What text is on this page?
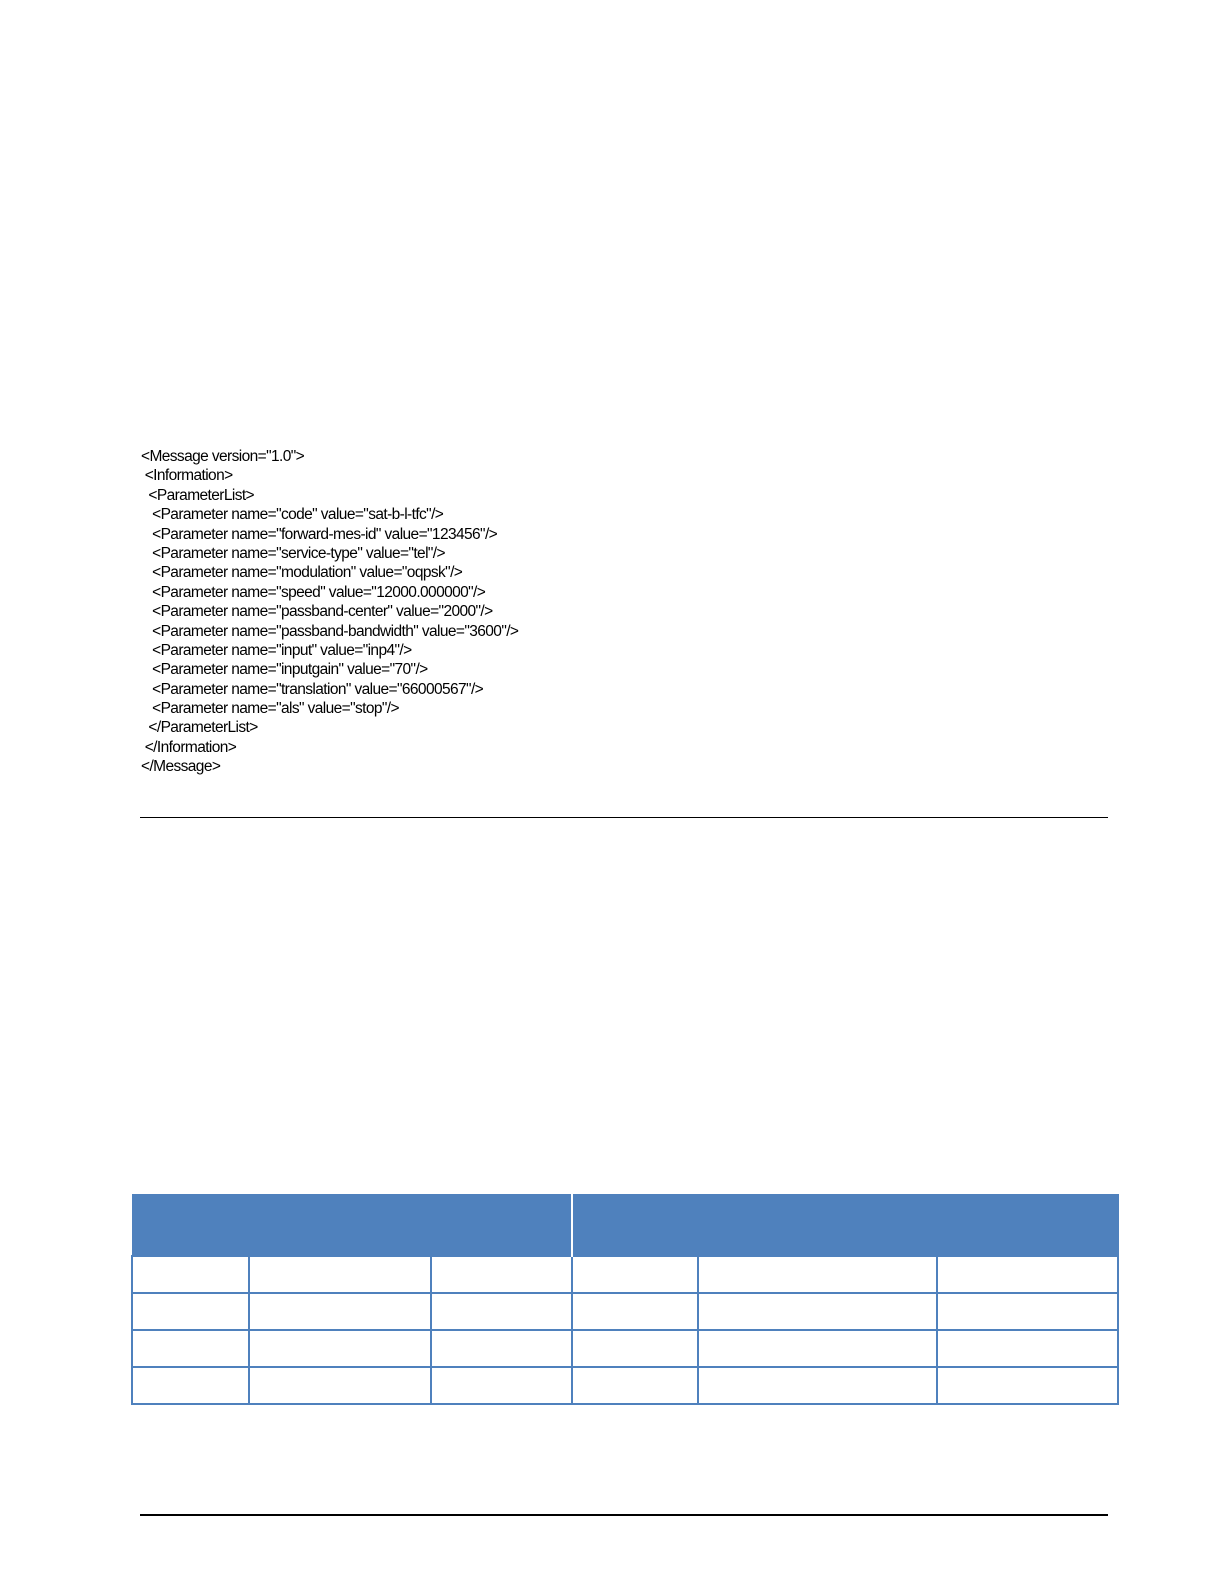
<Message version="1.0">
<Information>
<ParameterList>
<Parameter name="code" value="sat-b-l-tfc"/>
<Parameter name="forward-mes-id" value="123456"/>
<Parameter name="service-type" value="tel"/>
<Parameter name="modulation" value="oqpsk"/>
<Parameter name="speed" value="12000.000000"/>
<Parameter name="passband-center" value="2000"/>
<Parameter name="passband-bandwidth" value="3600"/>
<Parameter name="input" value="inp4"/>
<Parameter name="inputgain" value="70"/>
<Parameter name="translation" value="66000567"/>
<Parameter name="als" value="stop"/>
</ParameterList>
</Information>
</Message>
